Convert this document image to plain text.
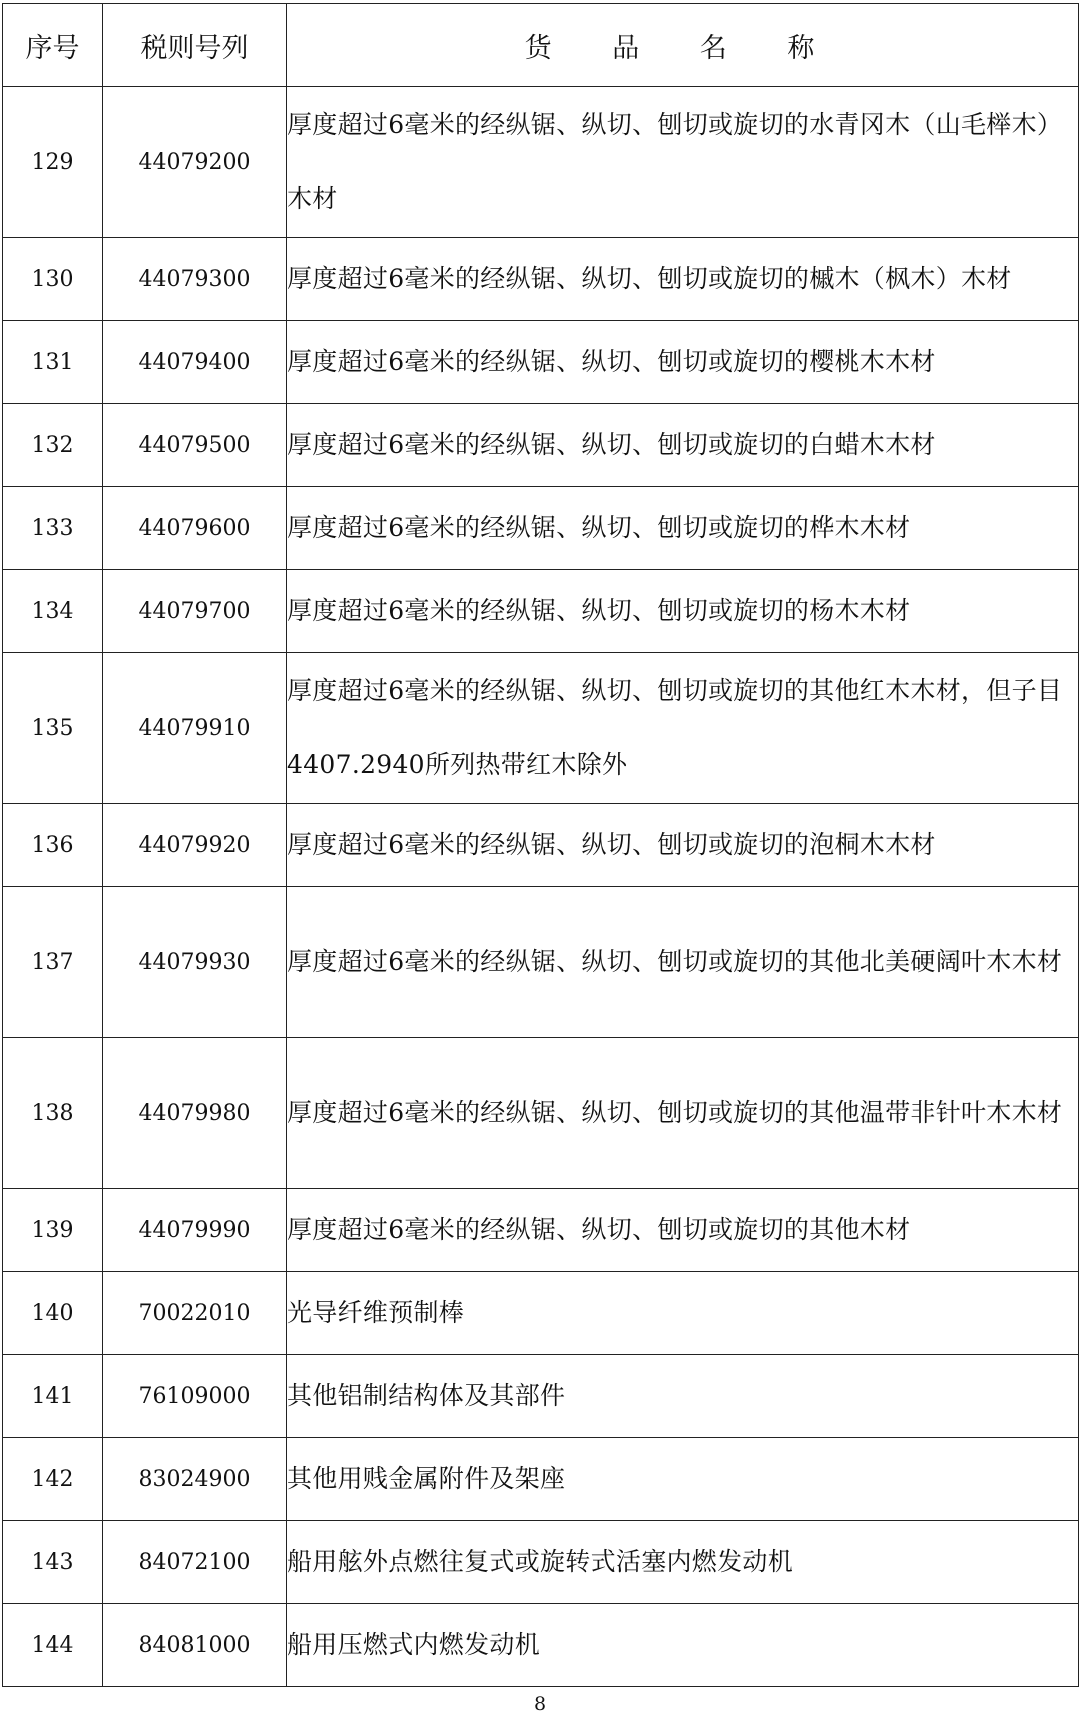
序号	税则号列	货 品 名 称
129	44079200	厚度超过6毫米的经纵锯、纵切、刨切或旋切的水青冈木（山毛榉木）木材
130	44079300	厚度超过6毫米的经纵锯、纵切、刨切或旋切的槭木（枫木）木材
131	44079400	厚度超过6毫米的经纵锯、纵切、刨切或旋切的樱桃木木材
132	44079500	厚度超过6毫米的经纵锯、纵切、刨切或旋切的白蜡木木材
133	44079600	厚度超过6毫米的经纵锯、纵切、刨切或旋切的桦木木材
134	44079700	厚度超过6毫米的经纵锯、纵切、刨切或旋切的杨木木材
135	44079910	厚度超过6毫米的经纵锯、纵切、刨切或旋切的其他红木木材，但子目4407.2940所列热带红木除外
136	44079920	厚度超过6毫米的经纵锯、纵切、刨切或旋切的泡桐木木材
137	44079930	厚度超过6毫米的经纵锯、纵切、刨切或旋切的其他北美硬阔叶木木材
138	44079980	厚度超过6毫米的经纵锯、纵切、刨切或旋切的其他温带非针叶木木材
139	44079990	厚度超过6毫米的经纵锯、纵切、刨切或旋切的其他木材
140	70022010	光导纤维预制棒
141	76109000	其他铝制结构体及其部件
142	83024900	其他用贱金属附件及架座
143	84072100	船用舷外点燃往复式或旋转式活塞内燃发动机
144	84081000	船用压燃式内燃发动机
8
